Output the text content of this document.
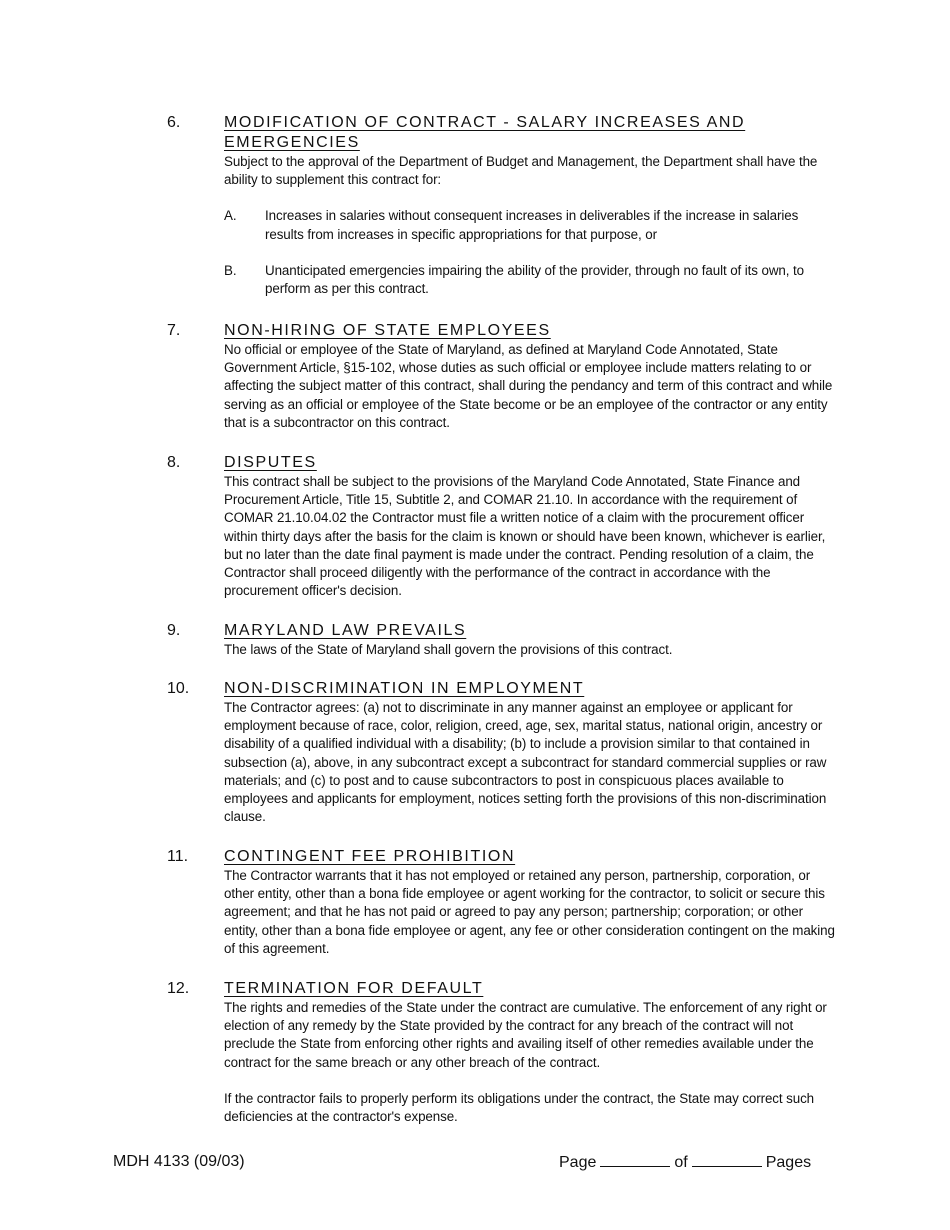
6.	MODIFICATION OF CONTRACT - SALARY INCREASES AND EMERGENCIES

Subject to the approval of the Department of Budget and Management, the Department shall have the ability to supplement this contract for:

A. Increases in salaries without consequent increases in deliverables if the increase in salaries results from increases in specific appropriations for that purpose, or
B. Unanticipated emergencies impairing the ability of the provider, through no fault of its own, to perform as per this contract.
7.	NON-HIRING OF STATE EMPLOYEES

No official or employee of the State of Maryland, as defined at Maryland Code Annotated, State Government Article, §15-102, whose duties as such official or employee include matters relating to or affecting the subject matter of this contract, shall during the pendancy and term of this contract and while serving as an official or employee of the State become or be an employee of the contractor or any entity that is a subcontractor on this contract.

8.	DISPUTES

This contract shall be subject to the provisions of the Maryland Code Annotated, State Finance and Procurement Article, Title 15, Subtitle 2, and COMAR 21.10. In accordance with the requirement of COMAR 21.10.04.02 the Contractor must file a written notice of a claim with the procurement officer within thirty days after the basis for the claim is known or should have been known, whichever is earlier, but no later than the date final payment is made under the contract. Pending resolution of a claim, the Contractor shall proceed diligently with the performance of the contract in accordance with the procurement officer's decision.

9.	MARYLAND LAW PREVAILS

The laws of the State of Maryland shall govern the provisions of this contract.

10. NON-DISCRIMINATION IN EMPLOYMENT

The Contractor agrees: (a) not to discriminate in any manner against an employee or applicant for employment because of race, color, religion, creed, age, sex, marital status, national origin, ancestry or disability of a qualified individual with a disability; (b) to include a provision similar to that contained in subsection (a), above, in any subcontract except a subcontract for standard commercial supplies or raw materials; and (c) to post and to cause subcontractors to post in conspicuous places available to employees and applicants for employment, notices setting forth the provisions of this non-discrimination clause.

11. CONTINGENT FEE PROHIBITION

The Contractor warrants that it has not employed or retained any person, partnership, corporation, or other entity, other than a bona fide employee or agent working for the contractor, to solicit or secure this agreement; and that he has not paid or agreed to pay any person; partnership; corporation; or other entity, other than a bona fide employee or agent, any fee or other consideration contingent on the making of this agreement.

12. TERMINATION FOR DEFAULT

The rights and remedies of the State under the contract are cumulative. The enforcement of any right or election of any remedy by the State provided by the contract for any breach of the contract will not preclude the State from enforcing other rights and availing itself of other remedies available under the contract for the same breach or any other breach of the contract.

If the contractor fails to properly perform its obligations under the contract, the State may correct such deficiencies at the contractor's expense.

MDH 4133 (09/03)	Page	of	Pages
